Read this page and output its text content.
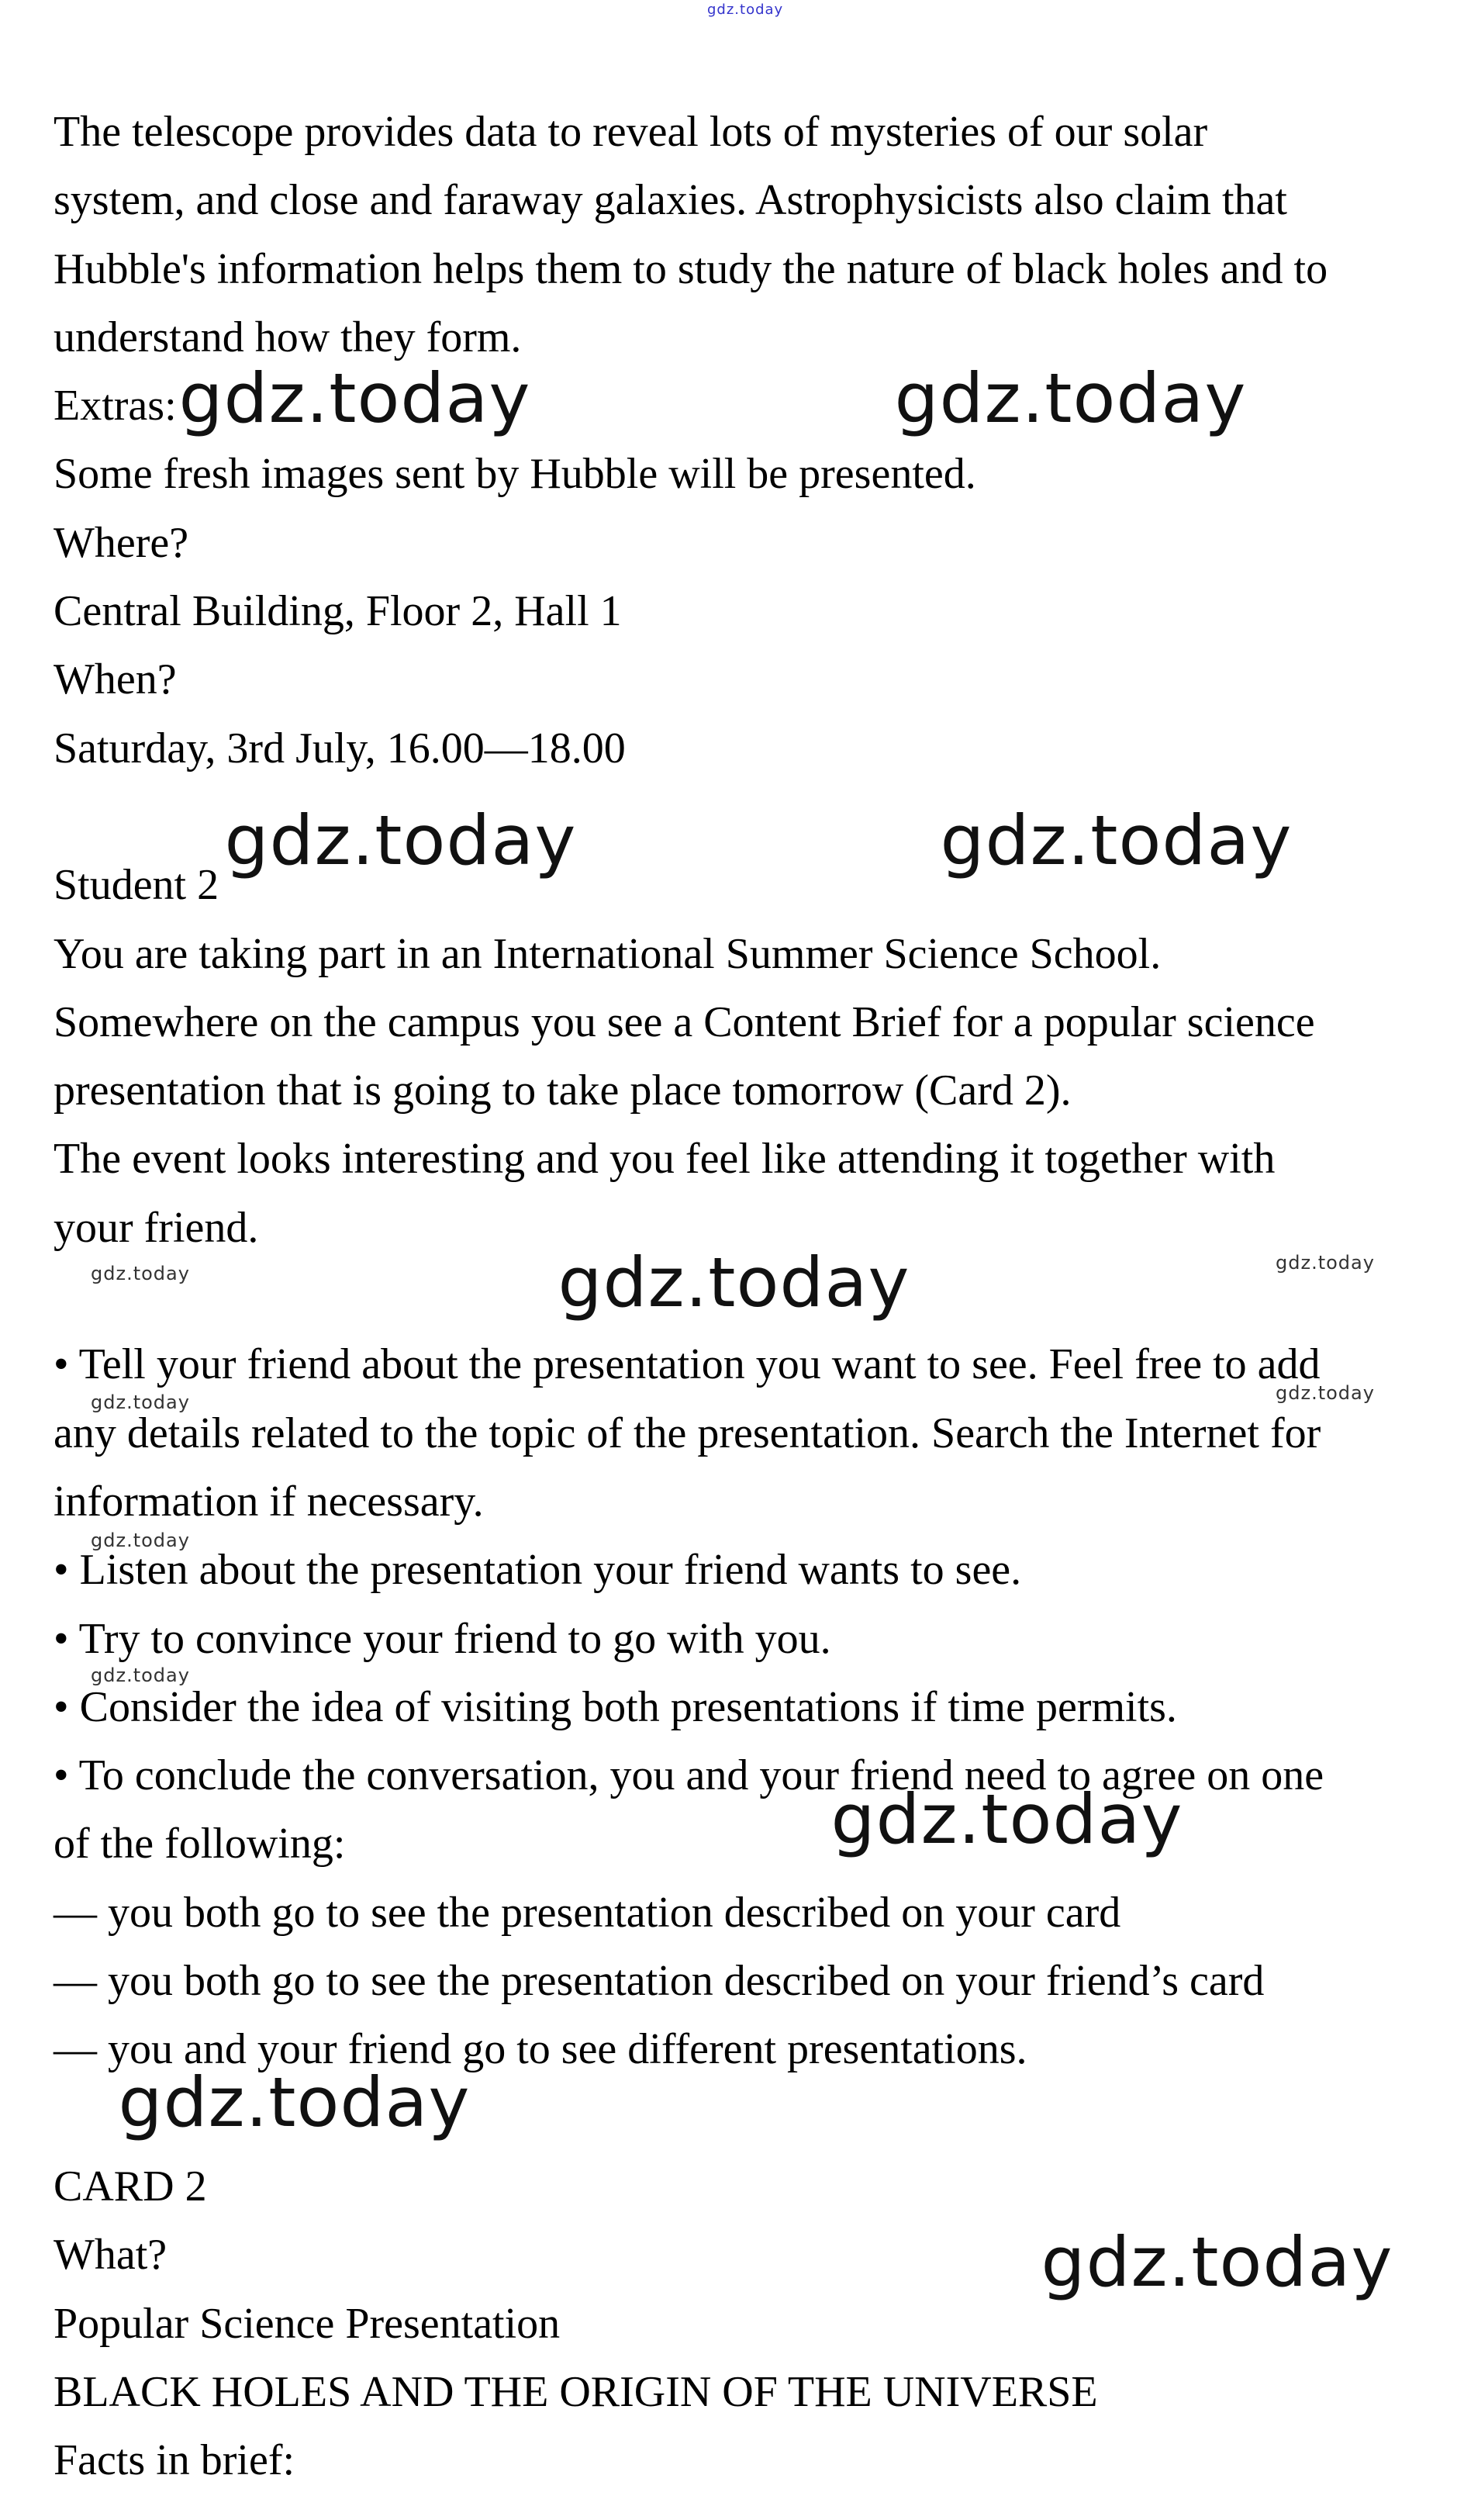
The telescope provides data to reveal lots of mysteries of our solar
system, and close and faraway galaxies. Astrophysicists also claim that
Hubble's information helps them to study the nature of black holes and to
understand how they form.
Extras:
Some fresh images sent by Hubble will be presented.
Where?
Central Building, Floor 2, Hall 1
When?
Saturday, 3rd July, 16.00—18.00
Student 2
You are taking part in an International Summer Science School.
Somewhere on the campus you see a Content Brief for a popular science
presentation that is going to take place tomorrow (Card 2).
The event looks interesting and you feel like attending it together with
your friend.
• Tell your friend about the presentation you want to see. Feel free to add
any details related to the topic of the presentation. Search the Internet for
information if necessary.
• Listen about the presentation your friend wants to see.
• Try to convince your friend to go with you.
• Consider the idea of visiting both presentations if time permits.
• To conclude the conversation, you and your friend need to agree on one
of the following:
— you both go to see the presentation described on your card
— you both go to see the presentation described on your friend’s card
— you and your friend go to see different presentations.
CARD 2
What?
Popular Science Presentation
BLACK HOLES AND THE ORIGIN OF THE UNIVERSE
Facts in brief:
gdz.today
gdz.today	gdz.today
gdz.today	gdz.today
gdz.today
gdz.today
gdz.today
gdz.today
gdz.today	gdz.today
gdz.today	gdz.today
gdz.today
gdz.today
